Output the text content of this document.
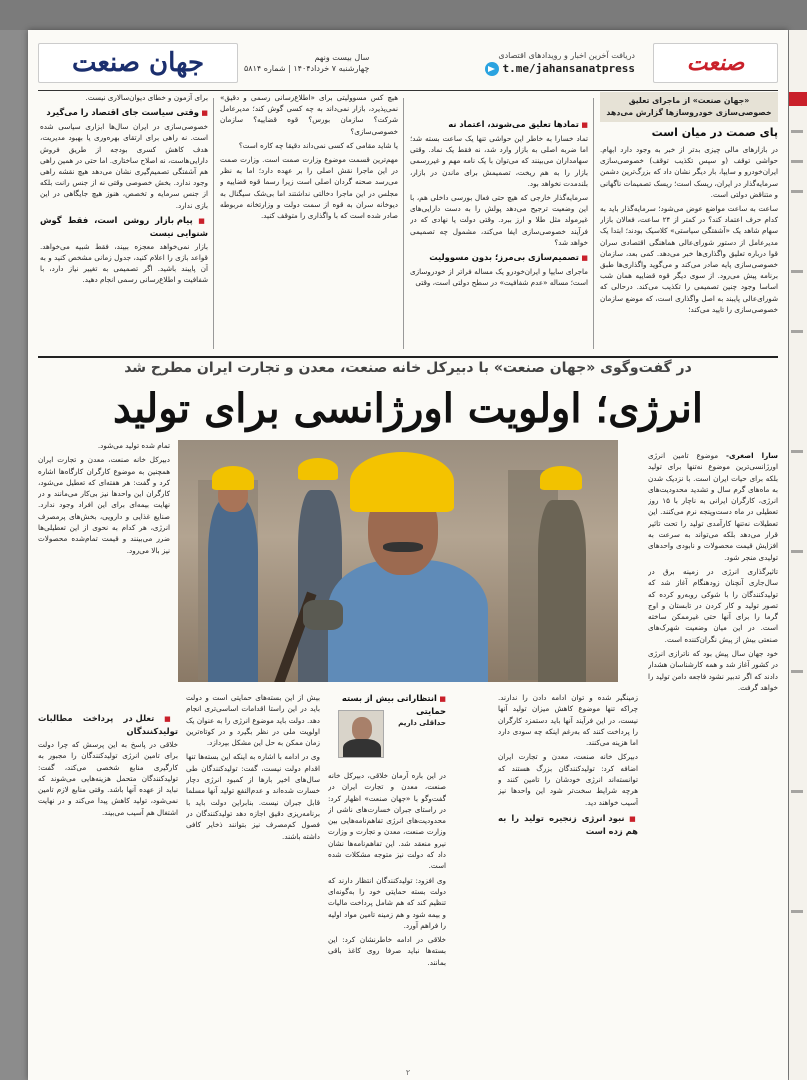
صنعت
دریافت آخرین اخبار و رویدادهای اقتصادی
t.me/jahansanatpress
سال بیست ونهم
چهارشنبه ۷ خرداد۱۴۰۴ | شماره ۵۸۱۴
جهان صنعت
«جهان صنعت» از ماجرای تعلیق خصوصی‌سازی خودروسازها گزارش می‌دهد
پای صمت در میان است

در بازارهای مالی چیزی بدتر از خبر به وجود دارد ابهام. حواشی توقف (و سپس تکذیب توقف) خصوصی‌سازی ایران‌خودرو و سایپا، بار دیگر نشان داد که بزرگ‌ترین دشمن سرمایه‌گذار در ایران، ریسک است؛ ریسک تصمیمات ناگهانی و متناقض دولتی است.

ساعت به ساعت مواضع عوض می‌شود؛ سرمایه‌گذار باید به کدام حرف اعتماد کند؟ در کمتر از ۲۴ ساعت، فعالان بازار سهام شاهد یک «آشفتگی سیاستی» کلاسیک بودند؛ ابتدا یک مدیرعامل از دستور شورای‌عالی هماهنگی اقتصادی سران قوا درباره تعلیق واگذاری‌ها خبر می‌دهد. کمی بعد، سازمان خصوصی‌سازی پایه صادر می‌کند و می‌گوید واگذاری‌ها طبق برنامه پیش می‌رود. از سوی دیگر قوه قضاییه همان شب اساسا وجود چنین تصمیمی را تکذیب می‌کند. درحالی که شورای‌عالی پایبند به اصل واگذاری است، که موضع سازمان خصوصی‌سازی را تایید می‌کند؛

■ تمادها تعلیق می‌شوند، اعتماد نه

تماد خسارا به خاطر این حواشی تنها یک ساعت بسته شد؛ اما ضربه اصلی به بازار وارد شد، نه فقط یک نماد. وقتی سهامداران می‌بینند که می‌توان با یک نامه مهم و غیررسمی بازار را به هم ریخت، تصمیمش برای ماندن در بازار، بلندمدت نخواهد بود.

سرمایه‌گذار خارجی که هیچ حتی فعال بورسی داخلی هم، با این وضعیت ترجیح می‌دهد پولش را به دست دارایی‌های غیرمولد مثل طلا و ارز ببرد. وقتی دولت یا نهادی که در فرآیند خصوصی‌سازی ایفا می‌کند، مشمول چه تصمیمی خواهد شد؟

■ تصمیم‌سازی بی‌مرز؛ بدون مسوولیت

ماجرای سایپا و ایران‌خودرو یک مساله فراتر از خودروسازی است؛ مساله «عدم شفافیت» در سطح دولتی است، وقتی

هیچ کس مسوولیتی برای «اطلاع‌رسانی رسمی و دقیق» نمی‌پذیرد، بازار نمی‌داند به چه کسی گوش کند؛ مدیرعامل شرکت؟ سازمان بورس؟ قوه قضاییه؟ سازمان خصوصی‌سازی؟

یا شاید مقامی که کسی نمی‌داند دقیقا چه کاره است؟

مهم‌ترین قسمت موضوع وزارت صمت است. وزارت صمت در این ماجرا نقش اصلی را بر عهده دارد؛ اما به نظر می‌رسد صحنه گردان اصلی است زیرا رسما قوه قضاییه و مجلس در این ماجرا دخالتی نداشتند اما بی‌شک سیگنال به دیوخانه سران به قوه از سمت دولت و وزارتخانه مربوطه صادر شده است که با واگذاری را متوقف کنید.

برای آزمون و خطای دیوان‌سالاری نیست.

■ وقتی سیاست جای اقتصاد را می‌گیرد

خصوصی‌سازی در ایران سال‌ها ابزاری سیاسی شده است. نه راهی برای ارتقای بهره‌وری یا بهبود مدیریت، هدف کاهش کسری بودجه از طریق فروش دارایی‌هاست، نه اصلاح ساختاری. اما حتی در همین راهی هم آشفتگی تصمیم‌گیری نشان می‌دهد هیچ نقشه راهی وجود ندارد. بخش خصوصی وقتی نه از جنس رانت بلکه از جنس سرمایه و تخصص، هنوز هیچ جایگاهی در این بازی ندارد.

■ پیام بازار روشن است، فقط گوش شنوایی نیست

بازار نمی‌خواهد معجزه ببیند، فقط شبیه می‌خواهد. قواعد بازی را اعلام کنید، جدول زمانی مشخص کنید و به آن پایبند باشید. اگر تصمیمی به تغییر نیاز دارد، با شفافیت و اطلاع‌رسانی رسمی انجام دهید.

در گفت‌وگوی «جهان صنعت» با دبیرکل خانه صنعت، معدن و تجارت ایران مطرح شد
انرژی؛ اولویت اورژانسی برای تولید

سارا اصغری- موضوع تامین انرژی اورژانسی‌ترین موضوع نه‌تنها برای تولید بلکه برای حیات ایران است. با نزدیک شدن به ماه‌های گرم سال و تشدید محدودیت‌های انرژی، کارگران ایرانی به ناچار با ۱۵ روز تعطیلی در ماه دست‌وپنجه نرم می‌کنند. این تعطیلات نه‌تنها کارآمدی تولید را تحت تاثیر قرار می‌دهد بلکه می‌تواند به سرعت به افزایش قیمت محصولات و نابودی واحدهای تولیدی منجر شود.

تاثیرگذاری انرژی در زمینه برق در سال‌جاری آنچنان زودهنگام آغاز شد که تولیدکنندگان را با شوکی روبه‌رو کرده که تصور تولید و کار کردن در تابستان و اوج گرما را برای آنها حتی غیرممکن ساخته است. در این میان وضعیت شهرک‌های صنعتی بیش از پیش نگران‌کننده است.

خود جهان سال پیش بود که ناترازی انرژی در کشور آغاز شد و همه کارشناسان هشدار دادند که اگر تدبیر نشود فاجعه دامن تولید را خواهد گرفت.

تمام شده تولید می‌شود.

دبیرکل خانه صنعت، معدن و تجارت ایران همچنین به موضوع کارگران کارگاه‌ها اشاره کرد و گفت: هر هفته‌ای که تعطیل می‌شود، کارگران این واحدها نیز بی‌کار می‌مانند و در نهایت بیمه‌ای برای این افراد وجود ندارد. صنایع غذایی و دارویی، بخش‌های پرمصرف انرژی، هر کدام به نحوی از این تعطیلی‌ها ضرر می‌بینند و قیمت تمام‌شده محصولات نیز بالا می‌رود.

زمینگیر شده و توان ادامه دادن را ندارند. چراکه تنها موضوع کاهش میزان تولید آنها نیست، در این فرآیند آنها باید دستمزد کارگران را پرداخت کنند که به‌رغم اینکه چه سودی دارد اما هزینه می‌کنند.

دبیرکل خانه صنعت، معدن و تجارت ایران اضافه کرد: تولیدکنندگان بزرگ هستند که توانسته‌اند انرژی خودشان را تامین کنند و هرچه شرایط سخت‌تر شود این واحدها نیز آسیب خواهند دید.

■ نبود انرژی زنجیره تولید را به هم زده است
■ انتظاراتی بیش از بسته حمایتی
حداقلی داریم

در این باره آرمان خلاقی، دبیرکل خانه صنعت، معدن و تجارت ایران در گفت‌وگو با «جهان صنعت» اظهار کرد: در راستای جبران خسارت‌های ناشی از محدودیت‌های انرژی تفاهم‌نامه‌هایی بین وزارت صنعت، معدن و تجارت و وزارت نیرو منعقد شد. این تفاهم‌نامه‌ها نشان داد که دولت نیز متوجه مشکلات شده است.

وی افزود: تولیدکنندگان انتظار دارند که دولت بسته حمایتی خود را به‌گونه‌ای تنظیم کند که هم شامل پرداخت مالیات و بیمه شود و هم زمینه تامین مواد اولیه را فراهم آورد.

خلاقی در ادامه خاطرنشان کرد: این بسته‌ها نباید صرفا روی کاغذ باقی بمانند.

بیش از این بسته‌های حمایتی است و دولت باید در این راستا اقدامات اساسی‌تری انجام دهد. دولت باید موضوع انرژی را به عنوان یک اولویت ملی در نظر بگیرد و در کوتاه‌ترین زمان ممکن به حل این مشکل بپردازد.

وی در ادامه با اشاره به اینکه این بسته‌ها تنها اقدام دولت نیست، گفت: تولیدکنندگان طی سال‌های اخیر بارها از کمبود انرژی دچار خسارت شده‌اند و عدم‌النفع تولید آنها مسلما قابل جبران نیست. بنابراین دولت باید با برنامه‌ریزی دقیق اجازه دهد تولیدکنندگان در فصول کم‌مصرف نیز بتوانند ذخایر کافی داشته باشند.

■ تعلل در پرداخت مطالبات تولیدکنندگان

خلاقی در پاسخ به این پرسش که چرا دولت برای تامین انرژی تولیدکنندگان را مجبور به کارگیری منابع شخصی می‌کند، گفت: تولیدکنندگان متحمل هزینه‌هایی می‌شوند که نباید از عهده آنها باشد. وقتی منابع لازم تامین نمی‌شود، تولید کاهش پیدا می‌کند و در نهایت اشتغال هم آسیب می‌بیند.

۲
